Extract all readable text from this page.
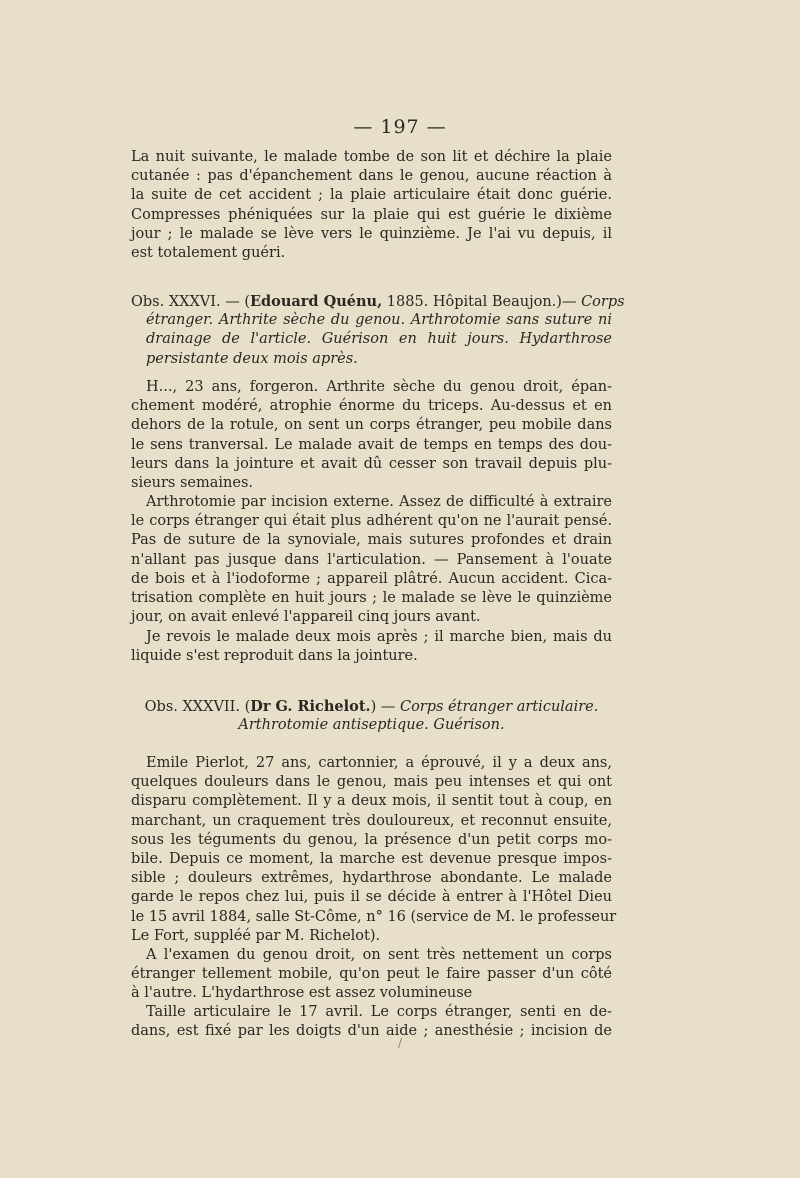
— 197 —
La nuit suivante, le malade tombe de son lit et déchire la plaie
cutanée : pas d'épanchement dans le genou, aucune réaction à
la suite de cet accident ; la plaie articulaire était donc guérie.
Compresses phéniquées sur la plaie qui est guérie le dixième
jour ; le malade se lève vers le quinzième. Je l'ai vu depuis, il
est totalement guéri.
Obs. XXXVI. — (Edouard Quénu, 1885. Hôpital Beaujon.)— Corps
étranger. Arthrite sèche du genou. Arthrotomie sans suture ni
drainage de l'article. Guérison en huit jours. Hydarthrose
persistante deux mois après.
H..., 23 ans, forgeron. Arthrite sèche du genou droit, épan-
chement modéré, atrophie énorme du triceps. Au-dessus et en
dehors de la rotule, on sent un corps étranger, peu mobile dans
le sens tranversal. Le malade avait de temps en temps des dou-
leurs dans la jointure et avait dû cesser son travail depuis plu-
sieurs semaines.
Arthrotomie par incision externe. Assez de difficulté à extraire
le corps étranger qui était plus adhérent qu'on ne l'aurait pensé.
Pas de suture de la synoviale, mais sutures profondes et drain
n'allant pas jusque dans l'articulation. — Pansement à l'ouate
de bois et à l'iodoforme ; appareil plâtré. Aucun accident. Cica-
trisation complète en huit jours ; le malade se lève le quinzième
jour, on avait enlevé l'appareil cinq jours avant.
Je revois le malade deux mois après ; il marche bien, mais du
liquide s'est reproduit dans la jointure.
Obs. XXXVII. (Dr G. Richelot.) — Corps étranger articulaire.
Arthrotomie antiseptique. Guérison.
Emile Pierlot, 27 ans, cartonnier, a éprouvé, il y a deux ans,
quelques douleurs dans le genou, mais peu intenses et qui ont
disparu complètement. Il y a deux mois, il sentit tout à coup, en
marchant, un craquement très douloureux, et reconnut ensuite,
sous les téguments du genou, la présence d'un petit corps mo-
bile. Depuis ce moment, la marche est devenue presque impos-
sible ; douleurs extrêmes, hydarthrose abondante. Le malade
garde le repos chez lui, puis il se décide à entrer à l'Hôtel Dieu
le 15 avril 1884, salle St-Côme, n° 16 (service de M. le professeur
Le Fort, suppléé par M. Richelot).
A l'examen du genou droit, on sent très nettement un corps
étranger tellement mobile, qu'on peut le faire passer d'un côté
à l'autre. L'hydarthrose est assez volumineuse
Taille articulaire le 17 avril. Le corps étranger, senti en de-
dans, est fixé par les doigts d'un aide ; anesthésie ; incision de
/
